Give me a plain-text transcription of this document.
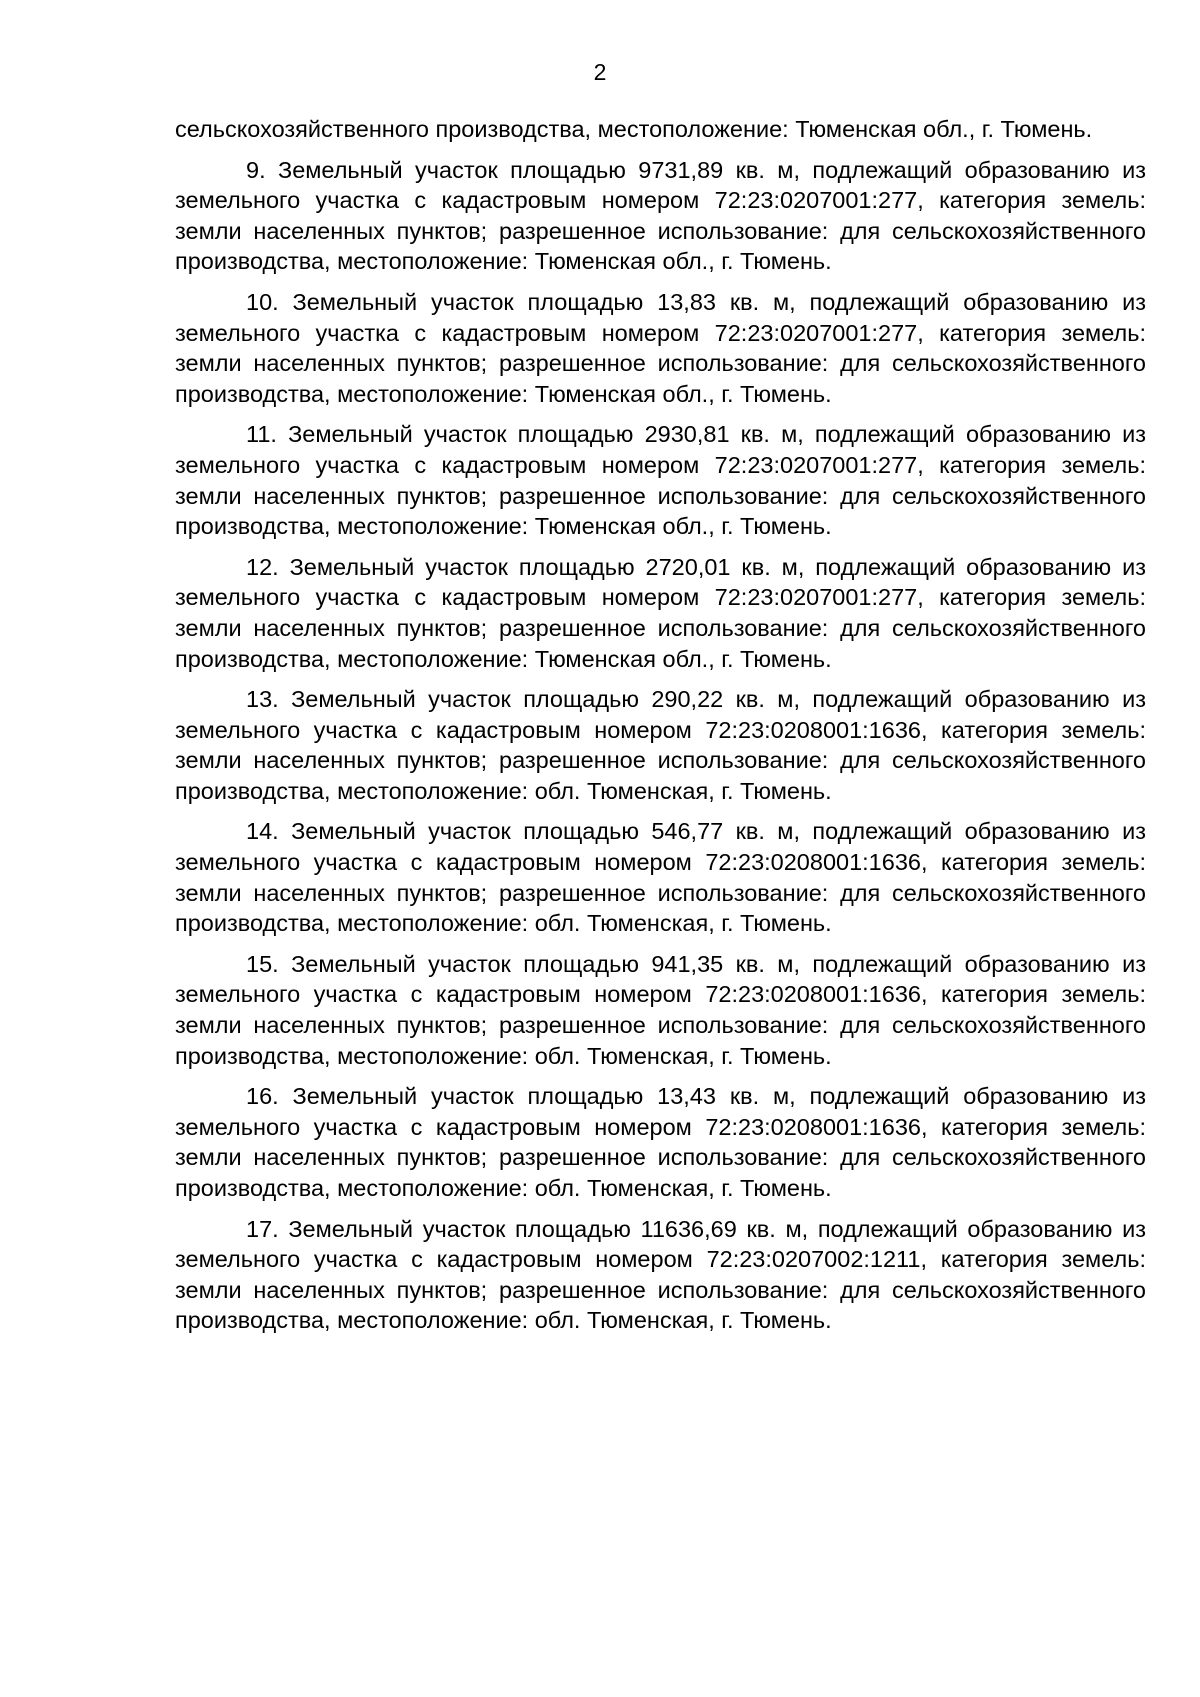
2

сельскохозяйственного производства, местоположение: Тюменская обл., г. Тюмень.

9. Земельный участок площадью 9731,89 кв. м, подлежащий образованию из земельного участка с кадастровым номером 72:23:0207001:277, категория земель: земли населенных пунктов; разрешенное использование: для сельскохозяйственного производства, местоположение: Тюменская обл., г. Тюмень.

10. Земельный участок площадью 13,83 кв. м, подлежащий образованию из земельного участка с кадастровым номером 72:23:0207001:277, категория земель: земли населенных пунктов; разрешенное использование: для сельскохозяйственного производства, местоположение: Тюменская обл., г. Тюмень.

11. Земельный участок площадью 2930,81 кв. м, подлежащий образованию из земельного участка с кадастровым номером 72:23:0207001:277, категория земель: земли населенных пунктов; разрешенное использование: для сельскохозяйственного производства, местоположение: Тюменская обл., г. Тюмень.

12. Земельный участок площадью 2720,01 кв. м, подлежащий образованию из земельного участка с кадастровым номером 72:23:0207001:277, категория земель: земли населенных пунктов; разрешенное использование: для сельскохозяйственного производства, местоположение: Тюменская обл., г. Тюмень.

13. Земельный участок площадью 290,22 кв. м, подлежащий образованию из земельного участка с кадастровым номером 72:23:0208001:1636, категория земель: земли населенных пунктов; разрешенное использование: для сельскохозяйственного производства, местоположение: обл. Тюменская, г. Тюмень.

14. Земельный участок площадью 546,77 кв. м, подлежащий образованию из земельного участка с кадастровым номером 72:23:0208001:1636, категория земель: земли населенных пунктов; разрешенное использование: для сельскохозяйственного производства, местоположение: обл. Тюменская, г. Тюмень.

15. Земельный участок площадью 941,35 кв. м, подлежащий образованию из земельного участка с кадастровым номером 72:23:0208001:1636, категория земель: земли населенных пунктов; разрешенное использование: для сельскохозяйственного производства, местоположение: обл. Тюменская, г. Тюмень.

16. Земельный участок площадью 13,43 кв. м, подлежащий образованию из земельного участка с кадастровым номером 72:23:0208001:1636, категория земель: земли населенных пунктов; разрешенное использование: для сельскохозяйственного производства, местоположение: обл. Тюменская, г. Тюмень.

17. Земельный участок площадью 11636,69 кв. м, подлежащий образованию из земельного участка с кадастровым номером 72:23:0207002:1211, категория земель: земли населенных пунктов; разрешенное использование: для сельскохозяйственного производства, местоположение: обл. Тюменская, г. Тюмень.
